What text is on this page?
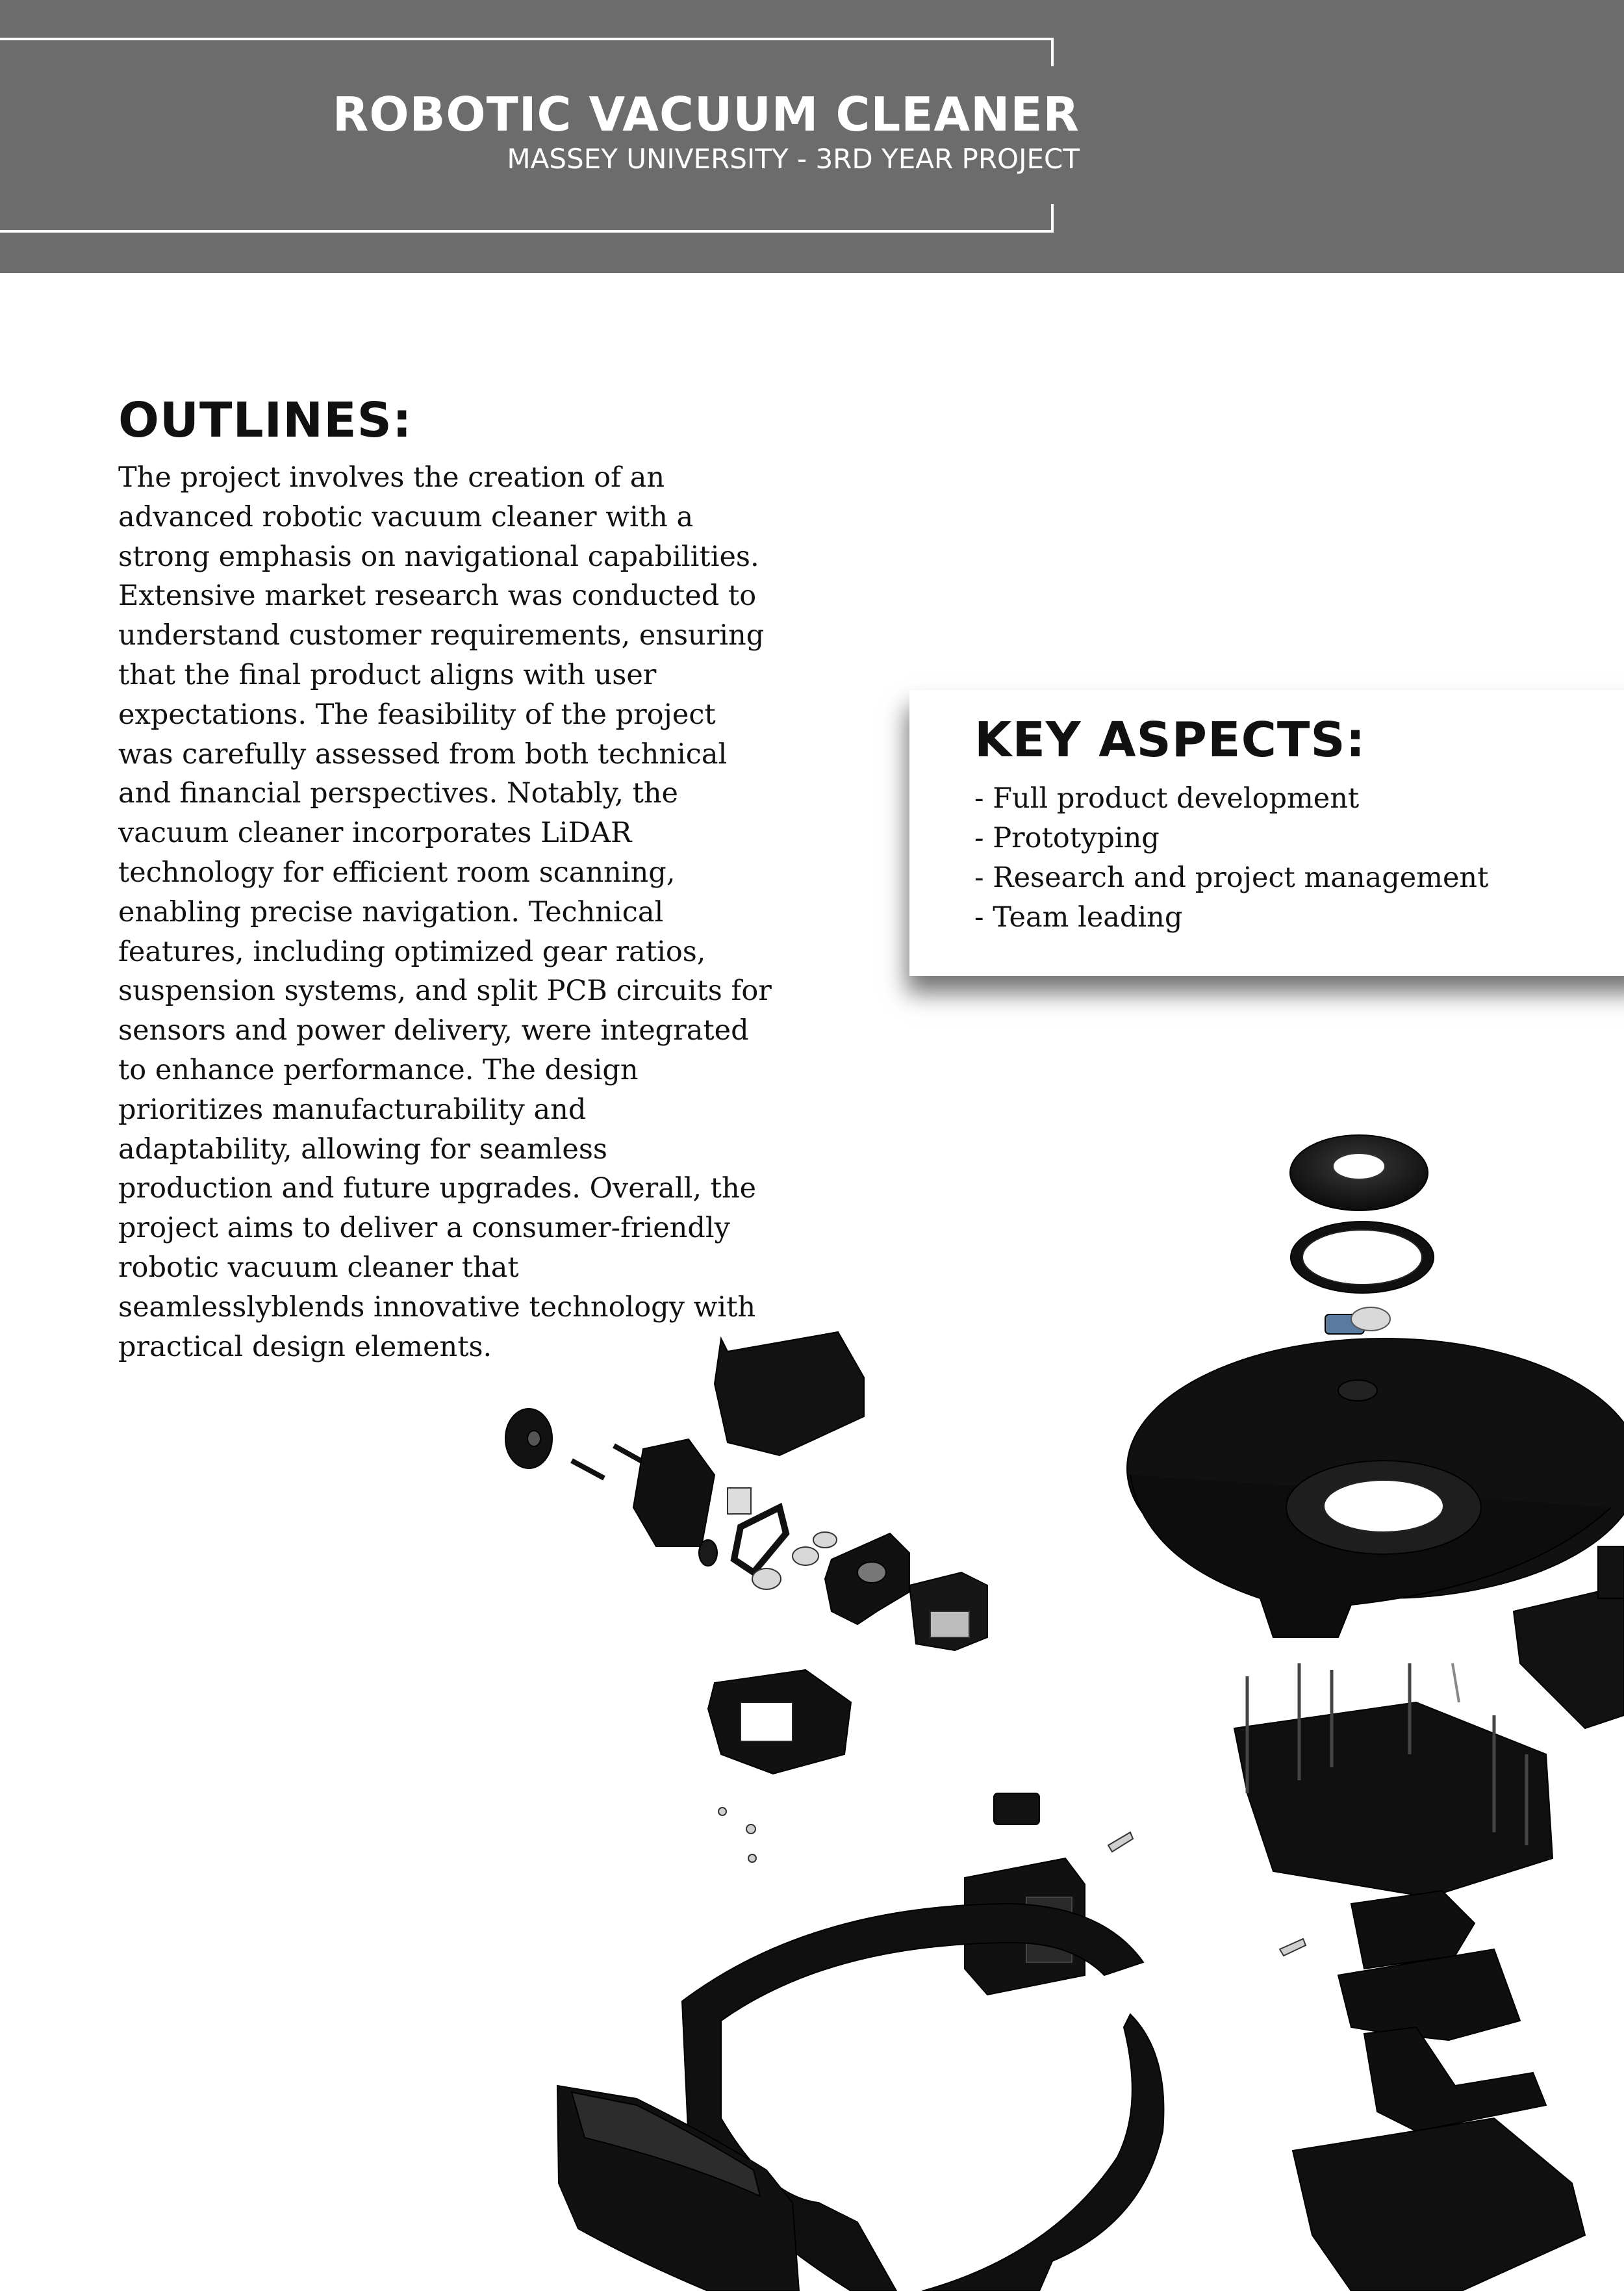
ROBOTIC VACUUM CLEANER
MASSEY UNIVERSITY - 3RD YEAR PROJECT
OUTLINES:
The project involves the creation of an
advanced robotic vacuum cleaner with a
strong emphasis on navigational capabilities.
Extensive market research was conducted to
understand customer requirements, ensuring
that the final product aligns with user
expectations. The feasibility of the project
was carefully assessed from both technical
and financial perspectives. Notably, the
vacuum cleaner incorporates LiDAR
technology for efficient room scanning,
enabling precise navigation. Technical
features, including optimized gear ratios,
suspension systems, and split PCB circuits for
sensors and power delivery, were integrated
to enhance performance. The design
prioritizes manufacturability and
adaptability, allowing for seamless
production and future upgrades. Overall, the
project aims to deliver a consumer-friendly
robotic vacuum cleaner that
seamlesslyblends innovative technology with
practical design elements.
KEY ASPECTS:
- Full product development
- Prototyping
- Research and project management
- Team leading
